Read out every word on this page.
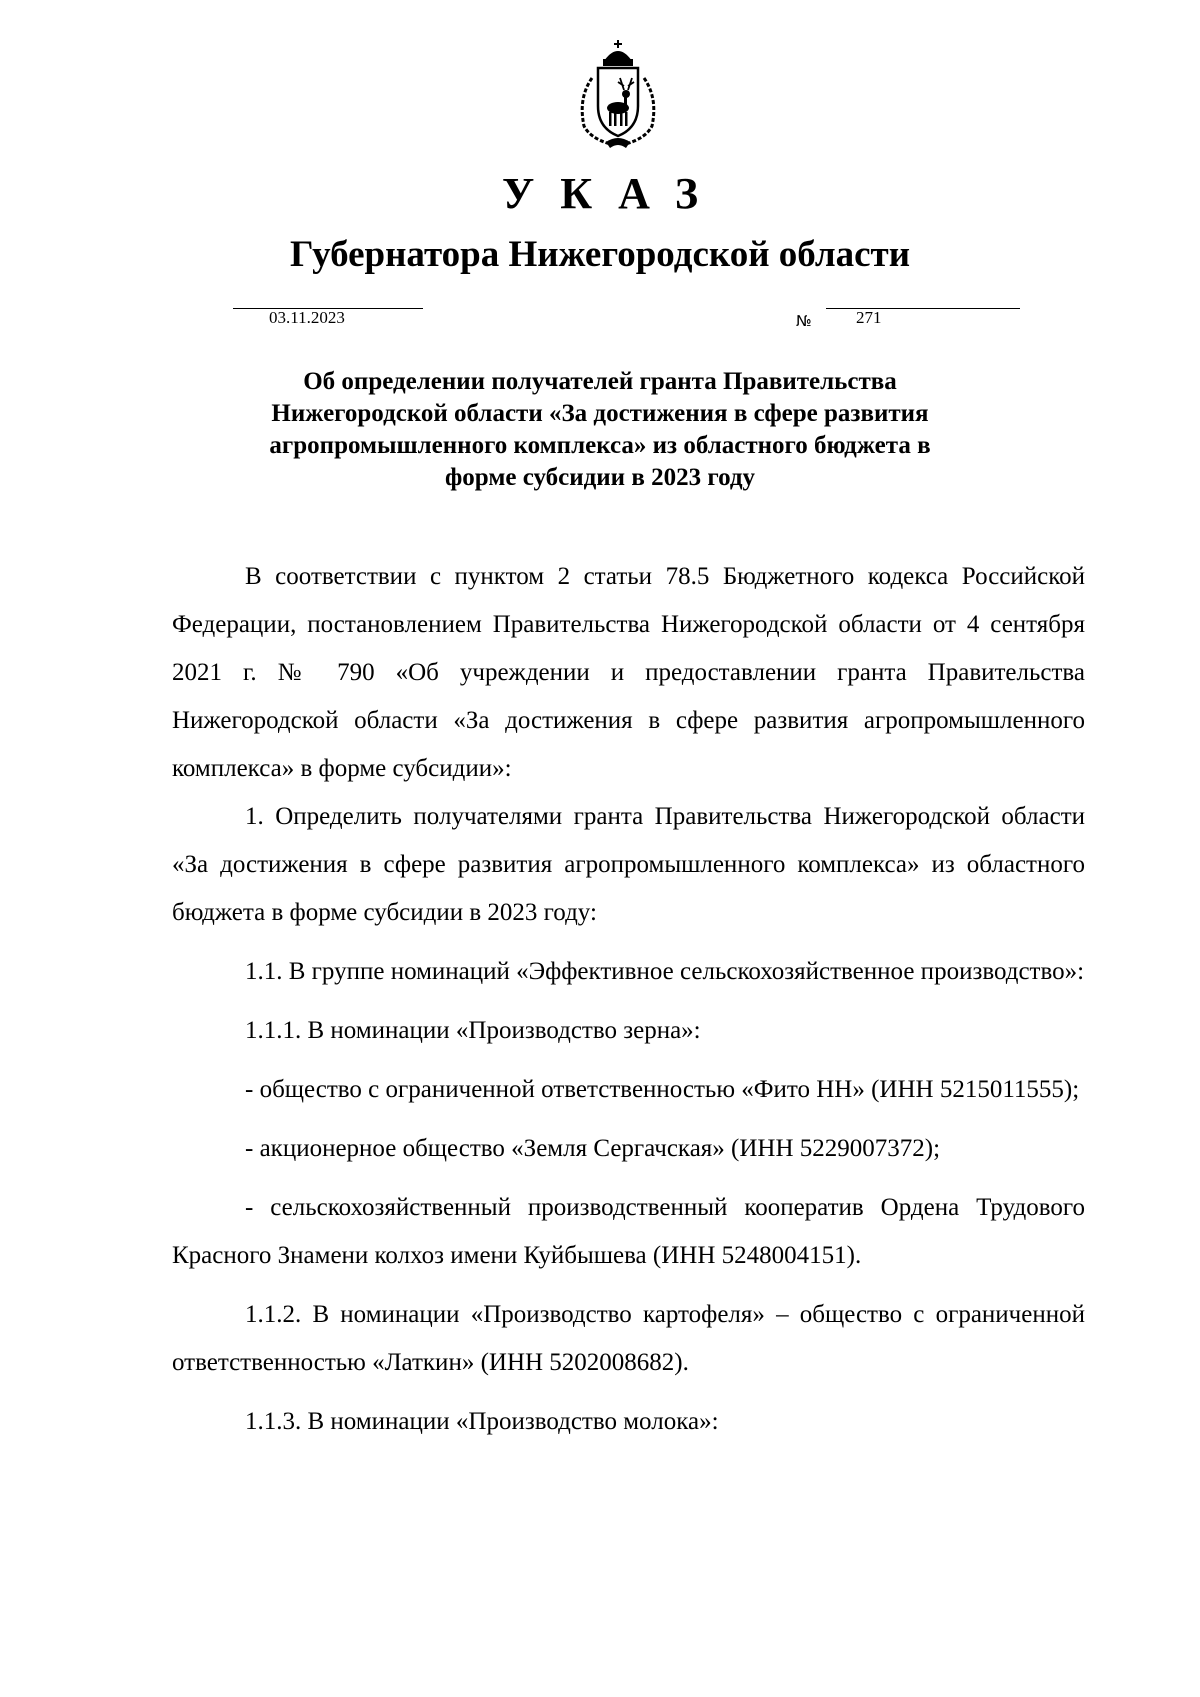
УКАЗ
Губернатора Нижегородской области
03.11.2023	№	271
Об определении получателей гранта Правительства
Нижегородской области «За достижения в сфере развития
агропромышленного комплекса» из областного бюджета в
форме субсидии в 2023 году

В соответствии с пунктом 2 статьи 78.5 Бюджетного кодекса Российской Федерации, постановлением Правительства Нижегородской области от 4 сентября 2021 г. № 790 «Об учреждении и предоставлении гранта Правительства Нижегородской области «За достижения в сфере развития агропромышленного комплекса» в форме субсидии»:

1. Определить получателями гранта Правительства Нижегородской области «За достижения в сфере развития агропромышленного комплекса» из областного бюджета в форме субсидии в 2023 году:

1.1. В группе номинаций «Эффективное сельскохозяйственное производство»:

1.1.1. В номинации «Производство зерна»:

- общество с ограниченной ответственностью «Фито НН» (ИНН 5215011555);

- акционерное общество «Земля Сергачская» (ИНН 5229007372);

- сельскохозяйственный производственный кооператив Ордена Трудового Красного Знамени колхоз имени Куйбышева (ИНН 5248004151).

1.1.2. В номинации «Производство картофеля» – общество с ограниченной ответственностью «Латкин» (ИНН 5202008682).

1.1.3. В номинации «Производство молока»:
